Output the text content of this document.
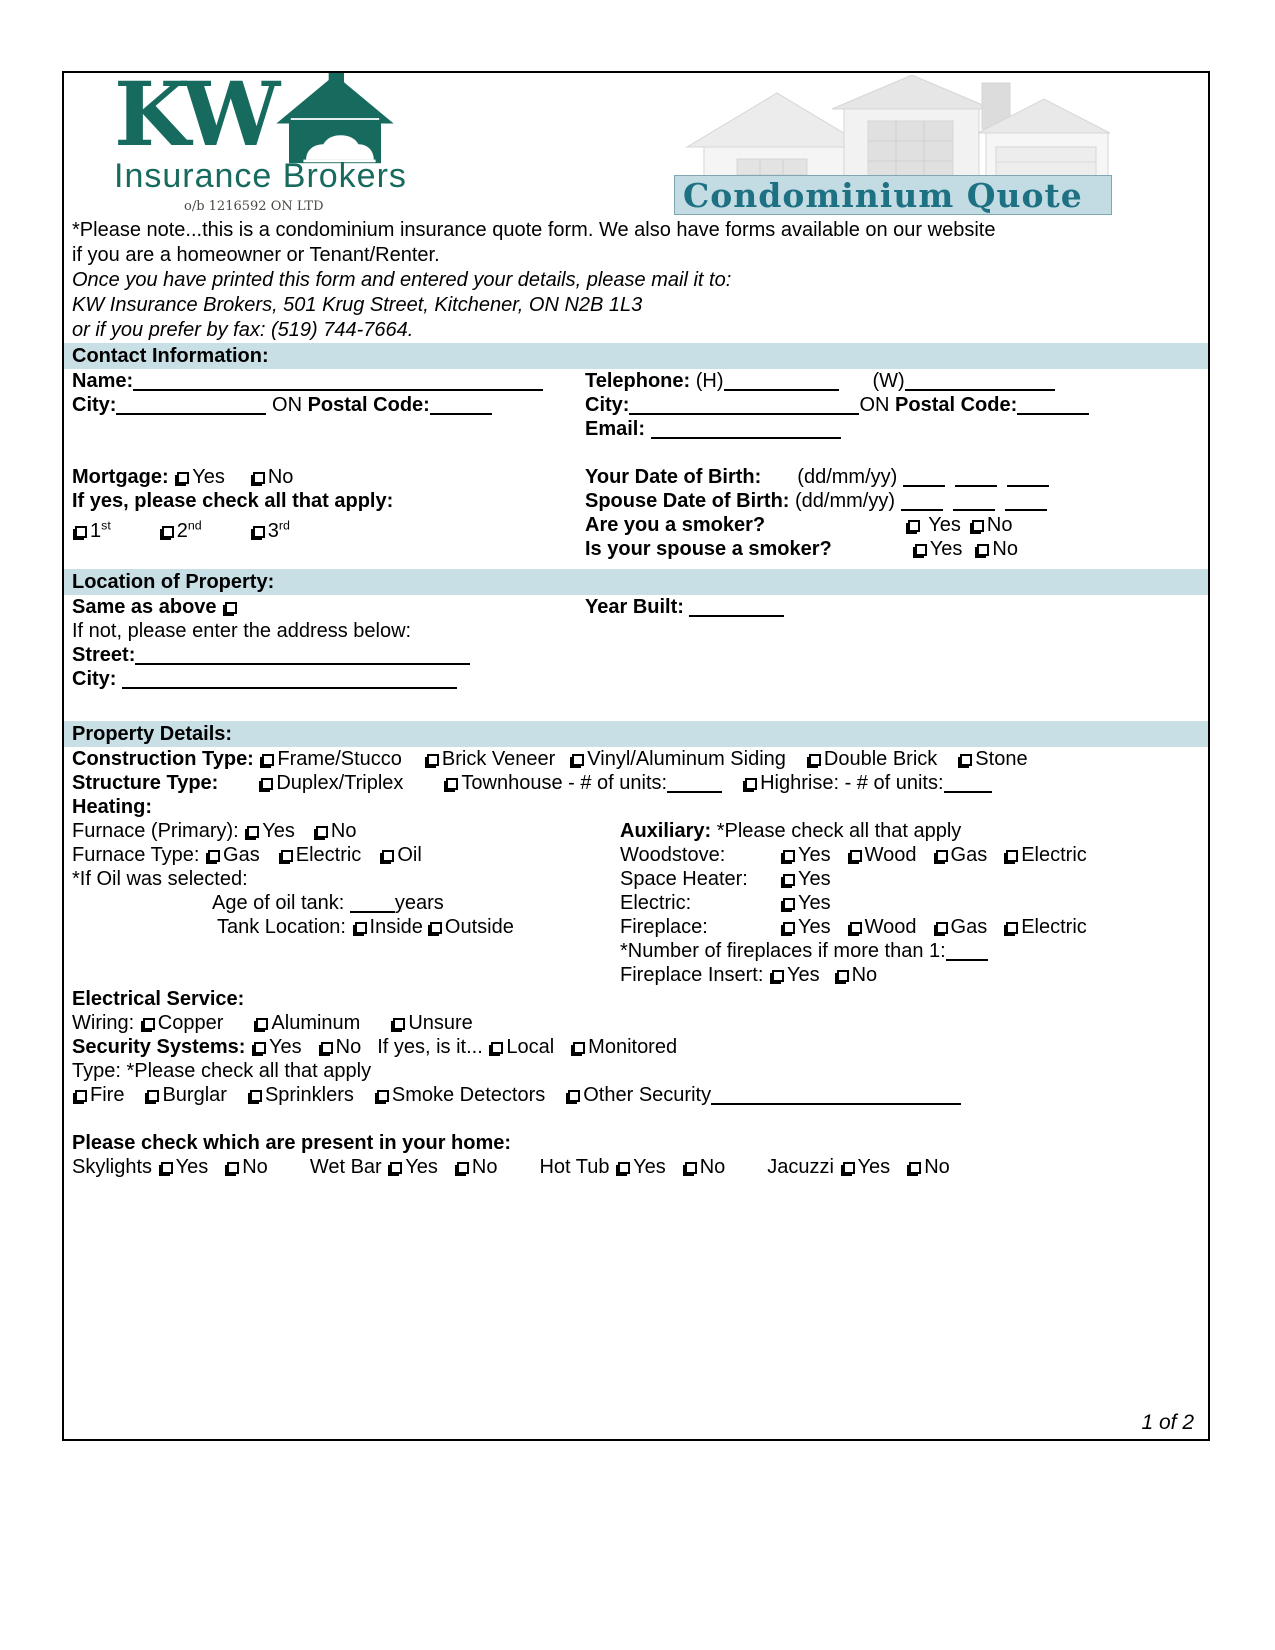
KW
Insurance Brokers
o/b 1216592 ON LTD	Condominium Quote
*Please note...this is a condominium insurance quote form. We also have forms available on our website
if you are a homeowner or Tenant/Renter.
Once you have printed this form and entered your details, please mail it to:
KW Insurance Brokers, 501 Krug Street, Kitchener, ON N2B 1L3
or if you prefer by fax: (519) 744-7664.
Contact Information:
Name:
City:	ON Postal Code:

Mortgage: Yes No
If yes, please check all that apply:
1st	2nd	3rd
Telephone: (H)	(W)
City:	ON Postal Code:
Email:

Your Date of Birth: (dd/mm/yy)
Spouse Date of Birth: (dd/mm/yy)
Are you a smoker?	Yes No
Is your spouse a smoker?	Yes No
Location of Property:
Same as above
If not, please enter the address below:
Street:
City:
Year Built:
Property Details:
Construction Type: Frame/Stucco Brick Veneer Vinyl/Aluminum Siding Double Brick Stone
Structure Type:	Duplex/Triplex	Townhouse - # of units:	Highrise: - # of units:
Heating:
Furnace (Primary): Yes No
Furnace Type: Gas Electric Oil
*If Oil was selected:
Age of oil tank: years
Tank Location: Inside Outside
Auxiliary: *Please check all that apply
Woodstove:	Yes Wood Gas Electric
Space Heater:	Yes
Electric:	Yes
Fireplace:	Yes Wood Gas Electric
*Number of fireplaces if more than 1:
Fireplace Insert: Yes No
Electrical Service:
Wiring: Copper Aluminum Unsure
Security Systems: Yes No If yes, is it... Local Monitored
Type: *Please check all that apply
Fire Burglar Sprinklers Smoke Detectors Other Security

Please check which are present in your home:
Skylights Yes No Wet Bar Yes No Hot Tub Yes No Jacuzzi Yes No
1 of 2
